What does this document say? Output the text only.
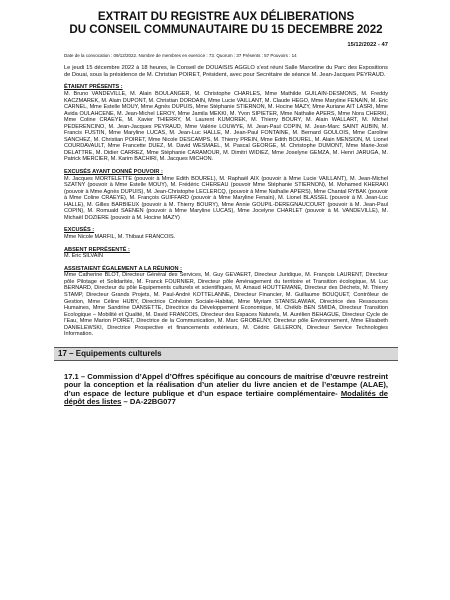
EXTRAIT DU REGISTRE AUX DÉLIBERATIONS
DU CONSEIL COMMUNAUTAIRE DU 15 DECEMBRE 2022
15/12/2022 - 47
Date de la convocation : 09/12/2022. Nombre de membres en exercice : 73. Quorum : 37 Présents : 57 Pouvoirs : 14
Le jeudi 15 décembre 2022 à 18 heures, le Conseil de DOUAISIS AGGLO s’est réuni Salle Marceline du Parc des Expositions de Douai, sous la présidence de M. Christian POIRET, Président, avec pour Secrétaire de séance M. Jean-Jacques PEYRAUD.
ÉTAIENT PRÉSENTS :
M. Bruno VANDEVILLE, M. Alain BOULANGER, M. Christophe CHARLES, Mme Mathilde GUILAIN-DESMONS, M. Freddy KACZMAREK, M. Alain DUPONT, M. Christian DORDAIN, Mme Lucie VAILLANT, M. Claude HEGO, Mme Maryline FENAIN, M. Eric CARNEL, Mme Estelle MOUY, Mme Agnès DUPUIS, Mme Stéphanie STIERNON, M. Hocine MAZY, Mme Auriane AIT LASRI, Mme Avida OULAHCENE, M. Jean-Michel LEROY, Mme Jamila MEKKI, M. Yvon SIPIETER, Mme Nathalie APERS, Mme Nora CHERKI, Mme Coline CRAEYE, M. Xavier THIERRY, M. Laurent KUMOREK, M. Thierry BOURY, M. Alain WALLART, M. Michel PEDERENCINO, M. Jean-Jacques PEYRAUD, Mme Valérie LOUWYE, M. Jean-Paul COPIN, M. Jean-Marc SAINT AUBIN, M. Francis FUSTIN, Mme Maryline LUCAS, M. Jean-Luc HALLE, M. Jean-Paul FONTAINE, M. Bernard GOULOIS, Mme Caroline SANCHEZ, M. Christian POIRET, Mme Nicole DESCAMPS, M. Thierry PREIN, Mme Edith BOUREL, M. Alain MENSION, M. Lionel COURDAVAULT, Mme Francette DUEZ, M. David WESMAEL, M. Pascal GEORGE, M. Christophe DUMONT, Mme Marie-José DELATTRE, M. Didier CARREZ, Mme Stéphanie CARAMOUR, M. Dimitri WIDIEZ, Mme Joselyne GEMZA, M. Henri JARUGA, M. Patrick MERCIER, M. Karim BACHIRI, M. Jacques MICHON.
EXCUSÉS AYANT DONNÉ POUVOIR :
M. Jacques MORTELETTE (pouvoir à Mme Edith BOUREL), M. Raphaël AIX (pouvoir à Mme Lucie VAILLANT), M. Jean-Michel SZATNY (pouvoir à Mme Estelle MOUY), M. Frédéric CHEREAU (pouvoir Mme Stéphanie STIERNON), M. Mohamed KHERAKI (pouvoir à Mme Agnès DUPUIS), M. Jean-Christophe LECLERCQ, (pouvoir à Mme Nathalie APERS), Mme Chantal RYBAK (pouvoir à Mme Coline CRAEYE), M. François GUIFFARD (pouvoir à Mme Maryline Fenain), M. Lionel BLASSEL (pouvoir à M. Jean-Luc HALLE), M. Gilles BARBIEUX (pouvoir à M. Thierry BOURY), Mme Annie GOUPIL-DEREGNAUCOURT (pouvoir à M. Jean-Paul COPIN), M. Romuald SAENEN (pouvoir à Mme Maryline LUCAS), Mme Jocelyne CHARLET (pouvoir à M. VANDEVILLE), M. Michaël DOZIERE (pouvoir à M. Hocine MAZY)
EXCUSÉS :
Mme Nicole MARFIL, M. Thibaut FRANCOIS.
ABSENT REPRÉSENTÉ :
M. Eric SILVAIN
ASSISTAIENT ÉGALEMENT A LA RÉUNION :
Mme Catherine BLOT, Directeur Général des Services, M. Guy GEVAERT, Directeur Juridique, M. François LAURENT, Directeur pôle Pilotage et Solidarités, M. Franck FOURNIER, Directeur pôle Aménagement du territoire et Transition écologique, M. Luc BERNARD, Directeur du pôle Equipements culturels et scientifiques, M. Arnaud HOUTTEMANE, Directeur des Déchets, M. Thierry STAMP, Directeur Grands Projets, M. Paul-André KOTTELANNE, Directeur Financier, M. Guillaume BOUQUET, Contrôleur de Gestion, Mme Céline HUBY, Directrice Cohésion Sociale-Habitat, Mme Myriam STANISLAWIAK, Directrice des Ressources Humaines, Mme Sandrine DANSETTE, Directrice du Développement Economique, M. Chékib BEN SMIDA, Directeur Transition Ecologique – Mobilité et Qualité, M. David FRANCOIS, Directeur des Espaces Naturels, M. Aurélien BEHAGUE, Directeur Cycle de l’Eau, Mme Marion POIRET, Directrice de la Communication, M. Marc GROBELNY, Directeur pôle Environnement, Mme Elisabeth DANIELEWSKI, Directrice Prospective et financements extérieurs, M. Cédric GILLERON, Directeur Service Technologies Information.
17 – Equipements culturels
17.1 – Commission d’Appel d’Offres spécifique au concours de maitrise d’œuvre restreint pour la conception et la réalisation d’un atelier du livre ancien et de l’estampe (ALAE), d’un espace de lecture publique et d’un espace tertiaire complémentaire- Modalités de dépôt des listes – DA-22BG077
